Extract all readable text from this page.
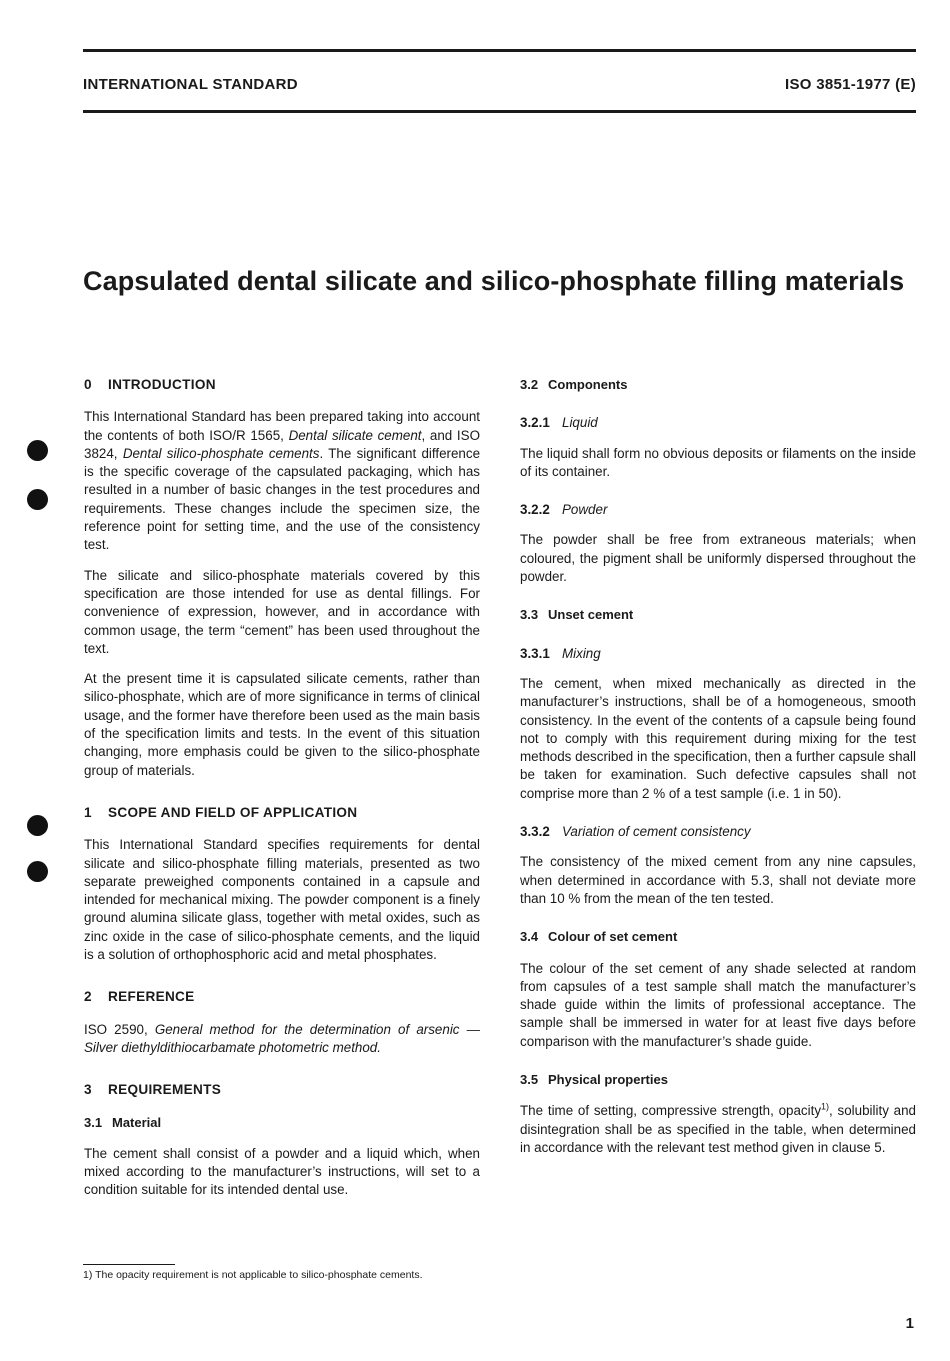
INTERNATIONAL STANDARD	ISO 3851-1977 (E)
Capsulated dental silicate and silico-phosphate filling materials
0 INTRODUCTION

This International Standard has been prepared taking into account the contents of both ISO/R 1565, Dental silicate cement, and ISO 3824, Dental silico-phosphate cements. The significant difference is the specific coverage of the capsulated packaging, which has resulted in a number of basic changes in the test procedures and requirements. These changes include the specimen size, the reference point for setting time, and the use of the consistency test.

The silicate and silico-phosphate materials covered by this specification are those intended for use as dental fillings. For convenience of expression, however, and in accordance with common usage, the term “cement” has been used throughout the text.

At the present time it is capsulated silicate cements, rather than silico-phosphate, which are of more significance in terms of clinical usage, and the former have therefore been used as the main basis of the specification limits and tests. In the event of this situation changing, more emphasis could be given to the silico-phosphate group of materials.

1 SCOPE AND FIELD OF APPLICATION

This International Standard specifies requirements for dental silicate and silico-phosphate filling materials, presented as two separate preweighed components contained in a capsule and intended for mechanical mixing. The powder component is a finely ground alumina silicate glass, together with metal oxides, such as zinc oxide in the case of silico-phosphate cements, and the liquid is a solution of orthophosphoric acid and metal phosphates.

2 REFERENCE

ISO 2590, General method for the determination of arsenic — Silver diethyldithiocarbamate photometric method.

3 REQUIREMENTS
3.1 Material

The cement shall consist of a powder and a liquid which, when mixed according to the manufacturer’s instructions, will set to a condition suitable for its intended dental use.

3.2 Components
3.2.1 Liquid

The liquid shall form no obvious deposits or filaments on the inside of its container.

3.2.2 Powder

The powder shall be free from extraneous materials; when coloured, the pigment shall be uniformly dispersed throughout the powder.

3.3 Unset cement
3.3.1 Mixing

The cement, when mixed mechanically as directed in the manufacturer’s instructions, shall be of a homogeneous, smooth consistency. In the event of the contents of a capsule being found not to comply with this requirement during mixing for the test methods described in the specification, then a further capsule shall be taken for examination. Such defective capsules shall not comprise more than 2 % of a test sample (i.e. 1 in 50).

3.3.2 Variation of cement consistency

The consistency of the mixed cement from any nine capsules, when determined in accordance with 5.3, shall not deviate more than 10 % from the mean of the ten tested.

3.4 Colour of set cement

The colour of the set cement of any shade selected at random from capsules of a test sample shall match the manufacturer’s shade guide within the limits of professional acceptance. The sample shall be immersed in water for at least five days before comparison with the manufacturer’s shade guide.

3.5 Physical properties

The time of setting, compressive strength, opacity$^{1)}$, solubility and disintegration shall be as specified in the table, when determined in accordance with the relevant test method given in clause 5.

1) The opacity requirement is not applicable to silico-phosphate cements.

1
